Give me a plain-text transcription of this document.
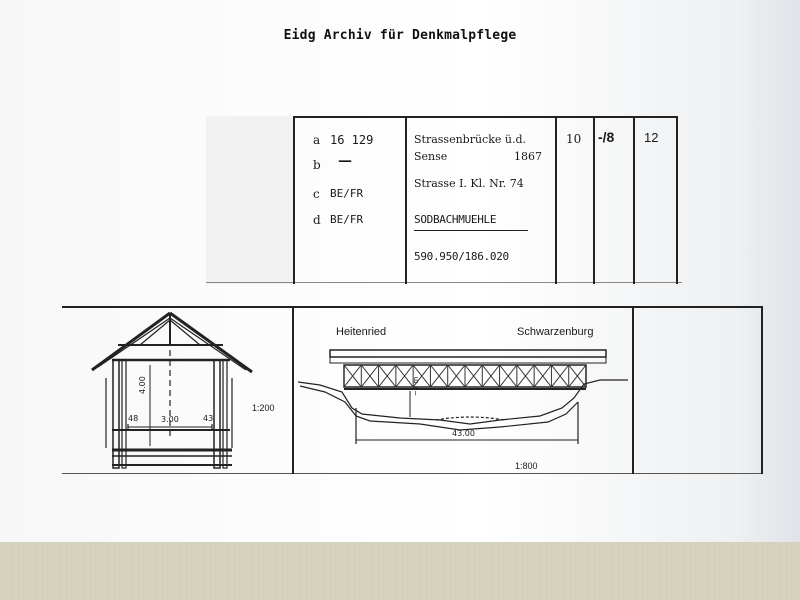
Eidg Archiv für Denkmalpflege
a 16 129
b —
c BE/FR
d BE/FR
Strassenbrücke ü.d.
Sense	1867
Strasse I. Kl. Nr. 74
SODBACHMUEHLE
590.950/186.020
10 -/8 12
4.00
3.00
48	43
1:200
Heitenried	Schwarzenburg
~7 m
43.00
1:800
